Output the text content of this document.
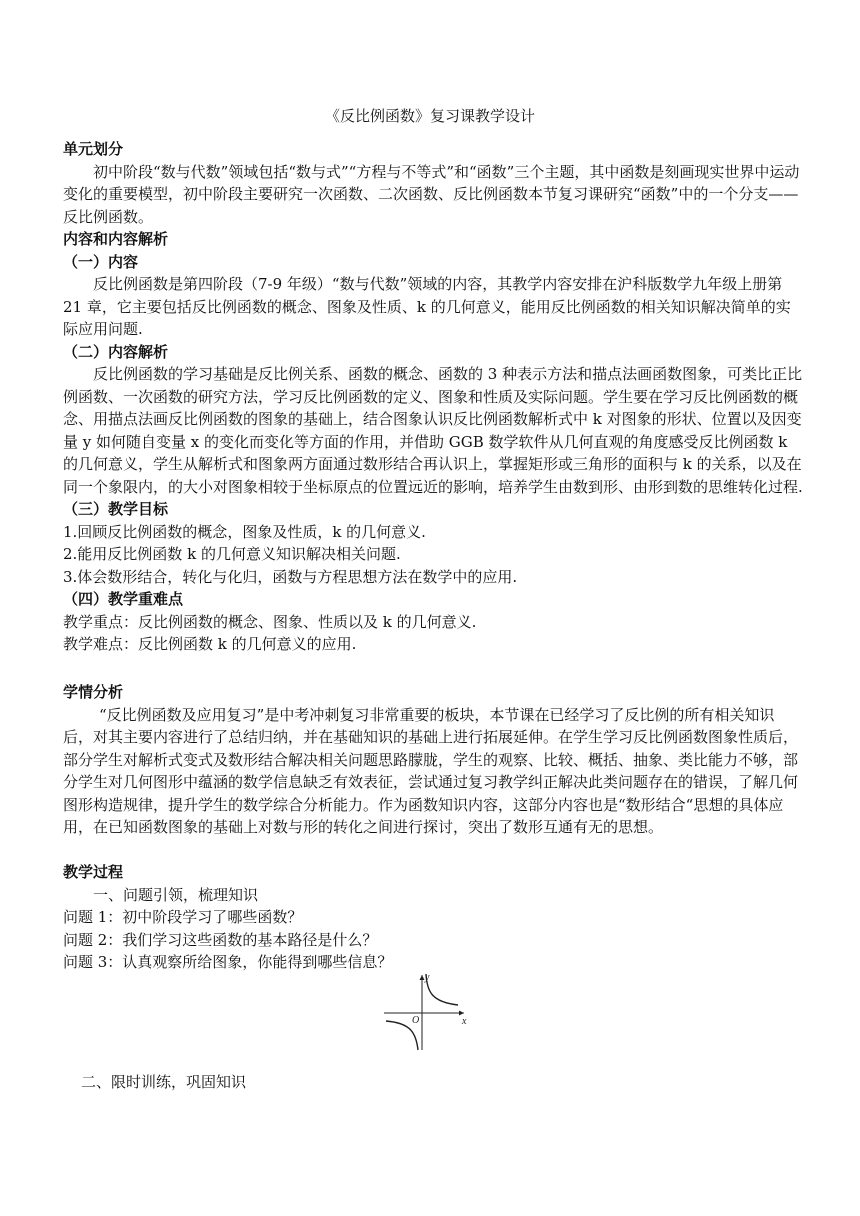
《反比例函数》复习课教学设计
单元划分
初中阶段“数与代数”领域包括“数与式”“方程与不等式”和“函数”三个主题，其中函数是刻画现实世界中运动变化的重要模型，初中阶段主要研究一次函数、二次函数、反比例函数本节复习课研究“函数”中的一个分支——反比例函数。
内容和内容解析
（一）内容
反比例函数是第四阶段（7-9 年级）“数与代数”领域的内容，其教学内容安排在沪科版数学九年级上册第 21 章，它主要包括反比例函数的概念、图象及性质、k 的几何意义，能用反比例函数的相关知识解决简单的实际应用问题.
（二）内容解析
反比例函数的学习基础是反比例关系、函数的概念、函数的 3 种表示方法和描点法画函数图象，可类比正比例函数、一次函数的研究方法，学习反比例函数的定义、图象和性质及实际问题。学生要在学习反比例函数的概念、用描点法画反比例函数的图象的基础上，结合图象认识反比例函数解析式中 k 对图象的形状、位置以及因变量 y 如何随自变量 x 的变化而变化等方面的作用，并借助 GGB 数学软件从几何直观的角度感受反比例函数 k 的几何意义，学生从解析式和图象两方面通过数形结合再认识上，掌握矩形或三角形的面积与 k 的关系，以及在同一个象限内，的大小对图象相较于坐标原点的位置远近的影响，培养学生由数到形、由形到数的思维转化过程.
（三）教学目标
1.回顾反比例函数的概念，图象及性质，k 的几何意义.
2.能用反比例函数 k 的几何意义知识解决相关问题.
3.体会数形结合，转化与化归，函数与方程思想方法在数学中的应用.
（四）教学重难点
教学重点：反比例函数的概念、图象、性质以及 k 的几何意义.
教学难点：反比例函数 k 的几何意义的应用.
学情分析
“反比例函数及应用复习”是中考冲刺复习非常重要的板块，本节课在已经学习了反比例的所有相关知识后，对其主要内容进行了总结归纳，并在基础知识的基础上进行拓展延伸。在学生学习反比例函数图象性质后，部分学生对解析式变式及数形结合解决相关问题思路朦胧，学生的观察、比较、概括、抽象、类比能力不够，部分学生对几何图形中蕴涵的数学信息缺乏有效表征，尝试通过复习教学纠正解决此类问题存在的错误，了解几何图形构造规律，提升学生的数学综合分析能力。作为函数知识内容，这部分内容也是“数形结合“思想的具体应用，在已知函数图象的基础上对数与形的转化之间进行探讨，突出了数形互通有无的思想。
教学过程
一、问题引领，梳理知识
问题 1：初中阶段学习了哪些函数？
问题 2：我们学习这些函数的基本路径是什么？
问题 3：认真观察所给图象，你能得到哪些信息？
y
x
O
二、限时训练，巩固知识
